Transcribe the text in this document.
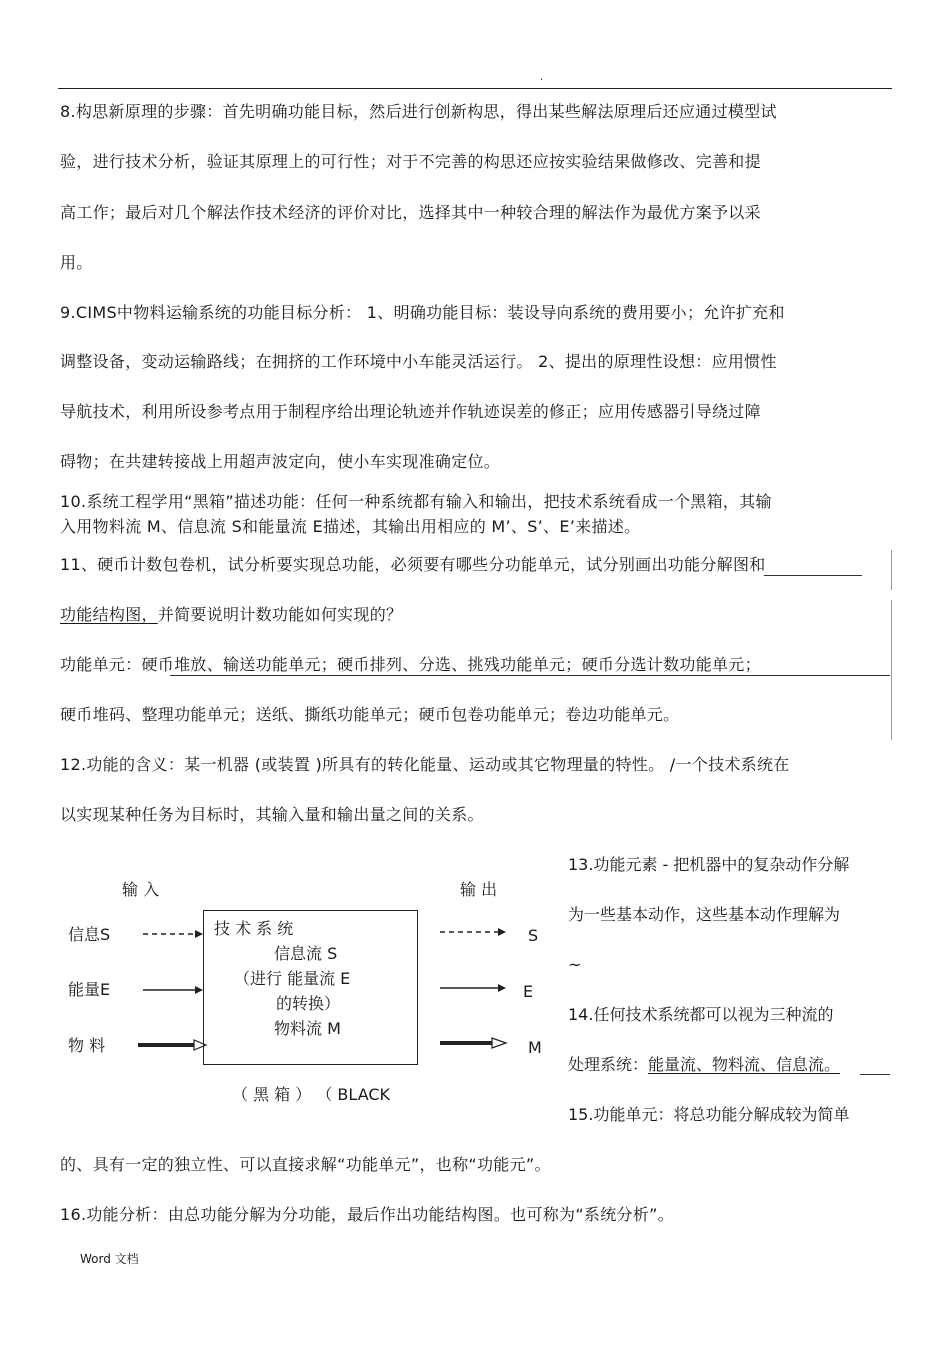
.
8.构思新原理的步骤：首先明确功能目标，然后进行创新构思，得出某些解法原理后还应通过模型试
验，进行技术分析，验证其原理上的可行性；对于不完善的构思还应按实验结果做修改、完善和提
高工作；最后对几个解法作技术经济的评价对比，选择其中一种较合理的解法作为最优方案予以采
用。
9.CIMS中物料运输系统的功能目标分析： 1、明确功能目标：装设导向系统的费用要小；允许扩充和
调整设备，变动运输路线；在拥挤的工作环境中小车能灵活运行。 2、提出的原理性设想：应用惯性
导航技术，利用所设参考点用于制程序给出理论轨迹并作轨迹误差的修正；应用传感器引导绕过障
碍物；在共建转接战上用超声波定向，使小车实现准确定位。
10.系统工程学用“黑箱”描述功能：任何一种系统都有输入和输出，把技术系统看成一个黑箱，其输
入用物料流 M、信息流 S和能量流 E描述，其输出用相应的 M’、S’、E’来描述。
11、硬币计数包卷机，试分析要实现总功能，必须要有哪些分功能单元，试分别画出功能分解图和
功能结构图，并简要说明计数功能如何实现的？
功能单元：硬币堆放、输送功能单元；硬币排列、分选、挑残功能单元；硬币分选计数功能单元；
硬币堆码、整理功能单元；送纸、撕纸功能单元；硬币包卷功能单元；卷边功能单元。
12.功能的含义：某一机器 (或装置 )所具有的转化能量、运动或其它物理量的特性。 /一个技术系统在
以实现某种任务为目标时，其输入量和输出量之间的关系。
输 入	输 出
信息S
能量E
物 料
S
E
M
技 术 系 统
信息流 S
（进行 能量流 E
的转换）
物料流 M
（ 黑 箱 ） （ BLACK
13.功能元素 - 把机器中的复杂动作分解
为一些基本动作，这些基本动作理解为
~
14.任何技术系统都可以视为三种流的
处理系统：能量流、物料流、信息流。
15.功能单元：将总功能分解成较为简单
的、具有一定的独立性、可以直接求解“功能单元”，也称“功能元”。
16.功能分析：由总功能分解为分功能，最后作出功能结构图。也可称为“系统分析”。
Word 文档
